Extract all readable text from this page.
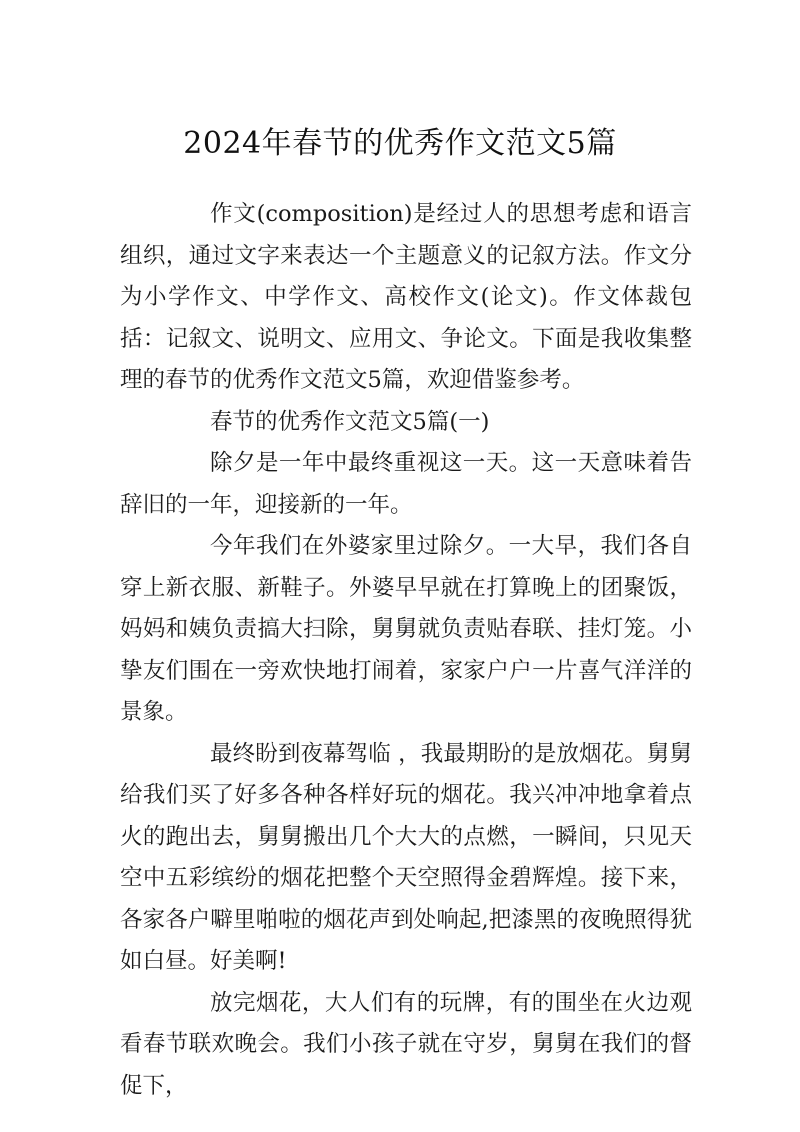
2024年春节的优秀作文范文5篇

作文(composition)是经过人的思想考虑和语言组织，通过文字来表达一个主题意义的记叙方法。作文分为小学作文、中学作文、高校作文(论文)。作文体裁包括：记叙文、说明文、应用文、争论文。下面是我收集整理的春节的优秀作文范文5篇，欢迎借鉴参考。

春节的优秀作文范文5篇(一)

除夕是一年中最终重视这一天。这一天意味着告辞旧的一年，迎接新的一年。

今年我们在外婆家里过除夕。一大早，我们各自穿上新衣服、新鞋子。外婆早早就在打算晚上的团聚饭，妈妈和姨负责搞大扫除，舅舅就负责贴春联、挂灯笼。小挚友们围在一旁欢快地打闹着，家家户户一片喜气洋洋的景象。

最终盼到夜幕驾临 ，我最期盼的是放烟花。舅舅给我们买了好多各种各样好玩的烟花。我兴冲冲地拿着点火的跑出去，舅舅搬出几个大大的点燃，一瞬间，只见天空中五彩缤纷的烟花把整个天空照得金碧辉煌。接下来，各家各户噼里啪啦的烟花声到处响起,把漆黑的夜晚照得犹如白昼。好美啊!

放完烟花，大人们有的玩牌，有的围坐在火边观看春节联欢晚会。我们小孩子就在守岁，舅舅在我们的督促下，
